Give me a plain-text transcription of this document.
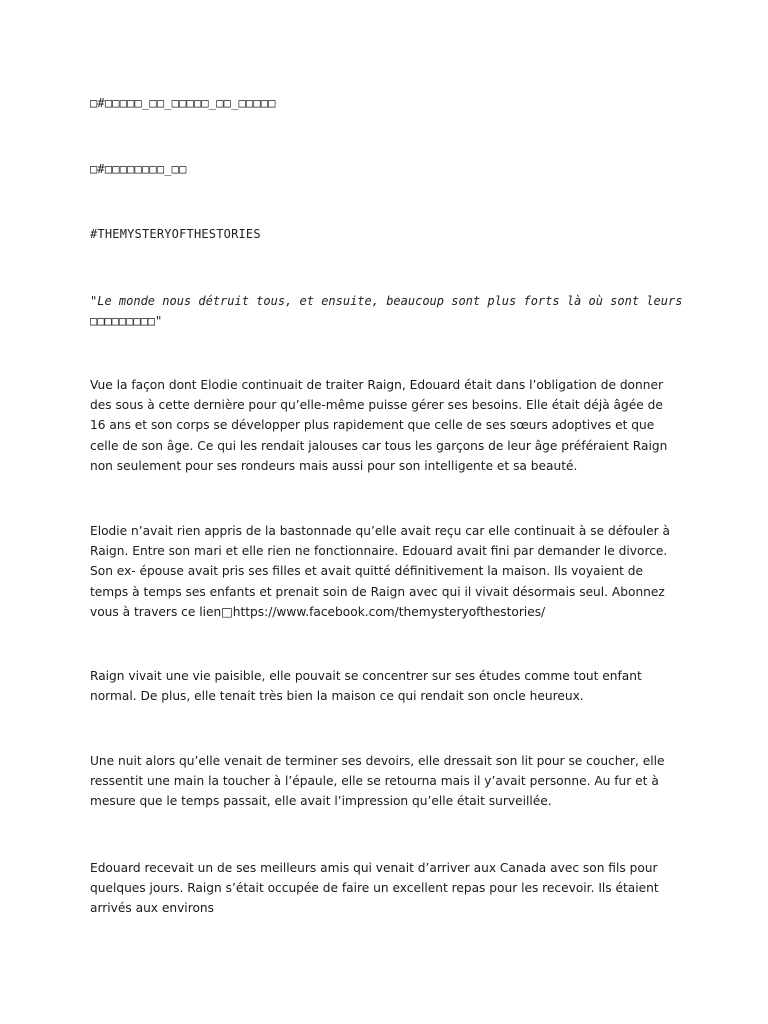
□#□□□□□_□□_□□□□□_□□_□□□□□
□#□□□□□□□□_□□
#THEMYSTERYOFTHESTORIES
"Le monde nous détruit tous, et ensuite, beaucoup sont plus forts là où sont leurs □□□□□□□□□"

Vue la façon dont Elodie continuait de traiter Raign, Edouard était dans l’obligation de donner des sous à cette dernière pour qu’elle-même puisse gérer ses besoins. Elle était déjà âgée de 16 ans et son corps se développer plus rapidement que celle de ses sœurs adoptives et que celle de son âge. Ce qui les rendait jalouses car tous les garçons de leur âge préféraient Raign non seulement pour ses rondeurs mais aussi pour son intelligente et sa beauté.

Elodie n’avait rien appris de la bastonnade qu’elle avait reçu car elle continuait à se défouler à Raign. Entre son mari et elle rien ne fonctionnaire. Edouard avait fini par demander le divorce. Son ex- épouse avait pris ses filles et avait quitté définitivement la maison. Ils voyaient de temps à temps ses enfants et prenait soin de Raign avec qui il vivait désormais seul. Abonnez vous à travers ce lien□https://www.facebook.com/themysteryofthestories/

Raign vivait une vie paisible, elle pouvait se concentrer sur ses études comme tout enfant normal. De plus, elle tenait très bien la maison ce qui rendait son oncle heureux.

Une nuit alors qu’elle venait de terminer ses devoirs, elle dressait son lit pour se coucher, elle ressentit une main la toucher à l’épaule, elle se retourna mais il y’avait personne. Au fur et à mesure que le temps passait, elle avait l’impression qu’elle était surveillée.

Edouard recevait un de ses meilleurs amis qui venait d’arriver aux Canada avec son fils pour quelques jours. Raign s’était occupée de faire un excellent repas pour les recevoir. Ils étaient arrivés aux environs
